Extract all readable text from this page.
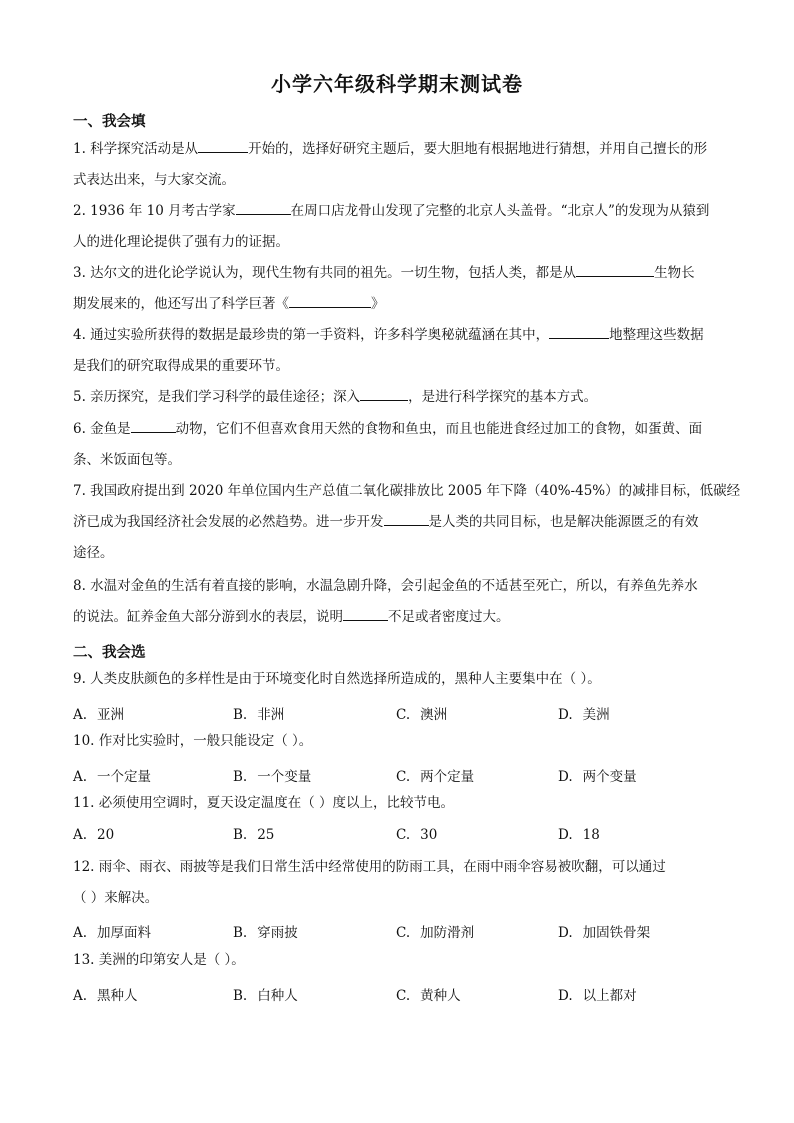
小学六年级科学期末测试卷
一、我会填
1. 科学探究活动是从	开始的，选择好研究主题后，要大胆地有根据地进行猜想，并用自己擅长的形
式表达出来，与大家交流。
2. 1936 年 10 月考古学家	在周口店龙骨山发现了完整的北京人头盖骨。“北京人”的发现为从猿到
人的进化理论提供了强有力的证据。
3. 达尔文的进化论学说认为，现代生物有共同的祖先。一切生物，包括人类，都是从	生物长
期发展来的，他还写出了科学巨著《	》
4. 通过实验所获得的数据是最珍贵的第一手资料，许多科学奥秘就蕴涵在其中，	地整理这些数据
是我们的研究取得成果的重要环节。
5. 亲历探究，是我们学习科学的最佳途径；深入	，是进行科学探究的基本方式。
6. 金鱼是	动物，它们不但喜欢食用天然的食物和鱼虫，而且也能进食经过加工的食物，如蛋黄、面
条、米饭面包等。
7. 我国政府提出到 2020 年单位国内生产总值二氧化碳排放比 2005 年下降（40%-45%）的减排目标，低碳经
济已成为我国经济社会发展的必然趋势。进一步开发	是人类的共同目标，也是解决能源匮乏的有效
途径。
8. 水温对金鱼的生活有着直接的影响，水温急剧升降，会引起金鱼的不适甚至死亡，所以，有养鱼先养水
的说法。缸养金鱼大部分游到水的表层，说明	不足或者密度过大。
二、我会选
9. 人类皮肤颜色的多样性是由于环境变化时自然选择所造成的，黑种人主要集中在（ ）。
A. 亚洲	B. 非洲	C. 澳洲	D. 美洲
10. 作对比实验时，一般只能设定（ ）。
A. 一个定量	B. 一个变量	C. 两个定量	D. 两个变量
11. 必须使用空调时，夏天设定温度在（ ）度以上，比较节电。
A. 20	B. 25	C. 30	D. 18
12. 雨伞、雨衣、雨披等是我们日常生活中经常使用的防雨工具，在雨中雨伞容易被吹翻，可以通过
（ ）来解决。
A. 加厚面料	B. 穿雨披	C. 加防滑剂	D. 加固铁骨架
13. 美洲的印第安人是（ ）。
A. 黑种人	B. 白种人	C. 黄种人	D. 以上都对
